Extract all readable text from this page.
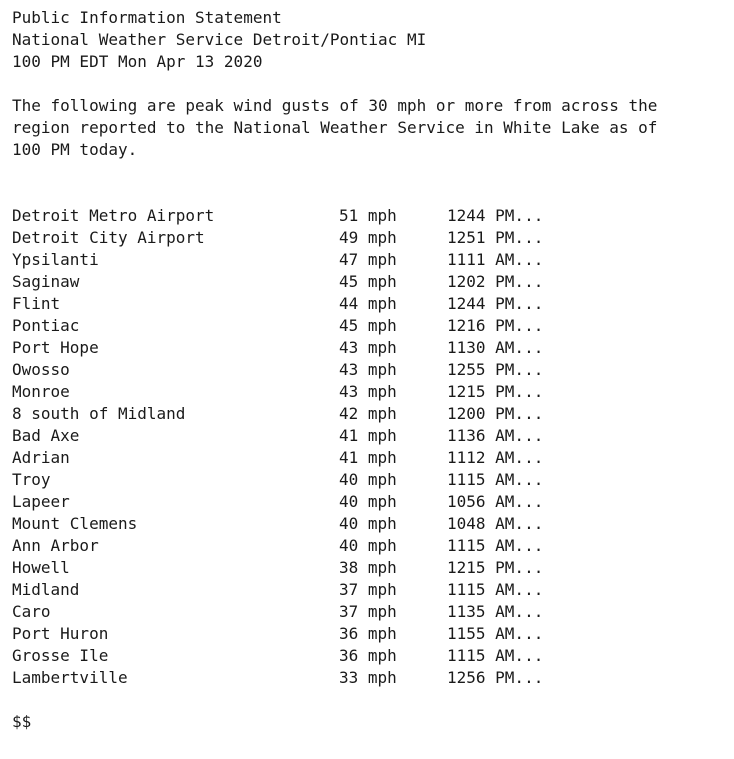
Public Information Statement
National Weather Service Detroit/Pontiac MI
100 PM EDT Mon Apr 13 2020
The following are peak wind gusts of 30 mph or more from across the
region reported to the National Weather Service in White Lake as of
100 PM today.
Detroit Metro Airport	51 mph	1244 PM...
Detroit City Airport	49 mph	1251 PM...
Ypsilanti	47 mph	1111 AM...
Saginaw	45 mph	1202 PM...
Flint	44 mph	1244 PM...
Pontiac	45 mph	1216 PM...
Port Hope	43 mph	1130 AM...
Owosso	43 mph	1255 PM...
Monroe	43 mph	1215 PM...
8 south of Midland	42 mph	1200 PM...
Bad Axe	41 mph	1136 AM...
Adrian	41 mph	1112 AM...
Troy	40 mph	1115 AM...
Lapeer	40 mph	1056 AM...
Mount Clemens	40 mph	1048 AM...
Ann Arbor	40 mph	1115 AM...
Howell	38 mph	1215 PM...
Midland	37 mph	1115 AM...
Caro	37 mph	1135 AM...
Port Huron	36 mph	1155 AM...
Grosse Ile	36 mph	1115 AM...
Lambertville	33 mph	1256 PM...
$$
